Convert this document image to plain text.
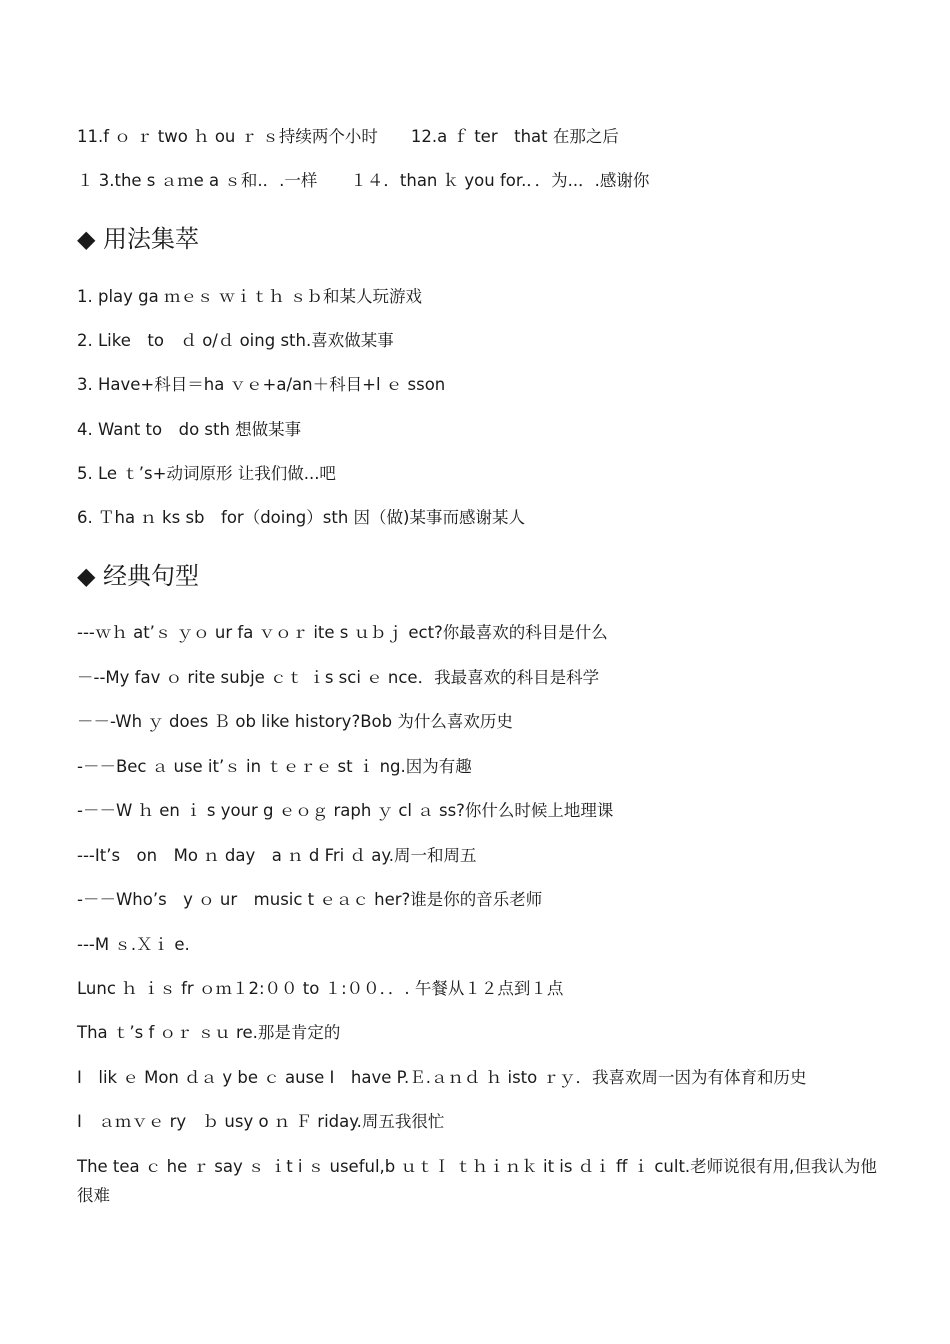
11.f ｏ ｒ two ｈ ou ｒ ｓ持续两个小时　　12.a ｆ ter　that 在那之后
１ 3.the s ａｍe a ｓ和.．.一样　　１４．than ｋ you for.．．为..．.感谢你
◆ 用法集萃
1. play ga ｍｅｓ ｗｉｔｈ ｓｂ和某人玩游戏
2. Like　to　ｄ o/ｄ oing sth.喜欢做某事
3. Have+科目＝ha ｖｅ+a/an＋科目+l ｅ sson
4. Want to　do sth 想做某事
5. Le ｔ’s+动词原形 让我们做...吧
6. Ｔha ｎ ks sb　for（doing）sth 因（做)某事而感谢某人
◆ 经典句型
---ｗｈ at’ｓ ｙｏ ur fa ｖｏｒ ite s ｕｂｊ ect?你最喜欢的科目是什么
－--My fav ｏ rite subje ｃｔ ｉs sci ｅ nce．我最喜欢的科目是科学
－－-Wh ｙ does Ｂ ob like history?Bob 为什么喜欢历史
-－－Bec ａ use it’ｓ in ｔｅｒｅ st ｉ ng.因为有趣
-－－W ｈ en ｉ s your g ｅｏｇ raph ｙ cl ａ ss?你什么时候上地理课
---It’s　on　Mo ｎ day　a ｎ d Fri ｄ ay.周一和周五
-－－Who’s　y ｏ ur　music t ｅａｃ her?谁是你的音乐老师
---M ｓ.Ｘｉ e.
Lunc ｈ ｉｓ fr ｏｍ１2:００ to １:００．．. 午餐从１２点到１点
Tha ｔ’s f ｏｒ ｓｕ re.那是肯定的
I　lik ｅ Mon ｄａ y be ｃ ause I　have P.Ｅ.ａｎｄ ｈ isto ｒｙ．我喜欢周一因为有体育和历史
I　ａｍｖｅ ry　ｂ usy o ｎ Ｆ riday.周五我很忙
The tea ｃ he ｒ say ｓ ｉt i ｓ useful,b ｕｔＩ ｔｈｉｎｋ it is ｄｉ ff ｉ cult.老师说很有用,但我认为他很难
